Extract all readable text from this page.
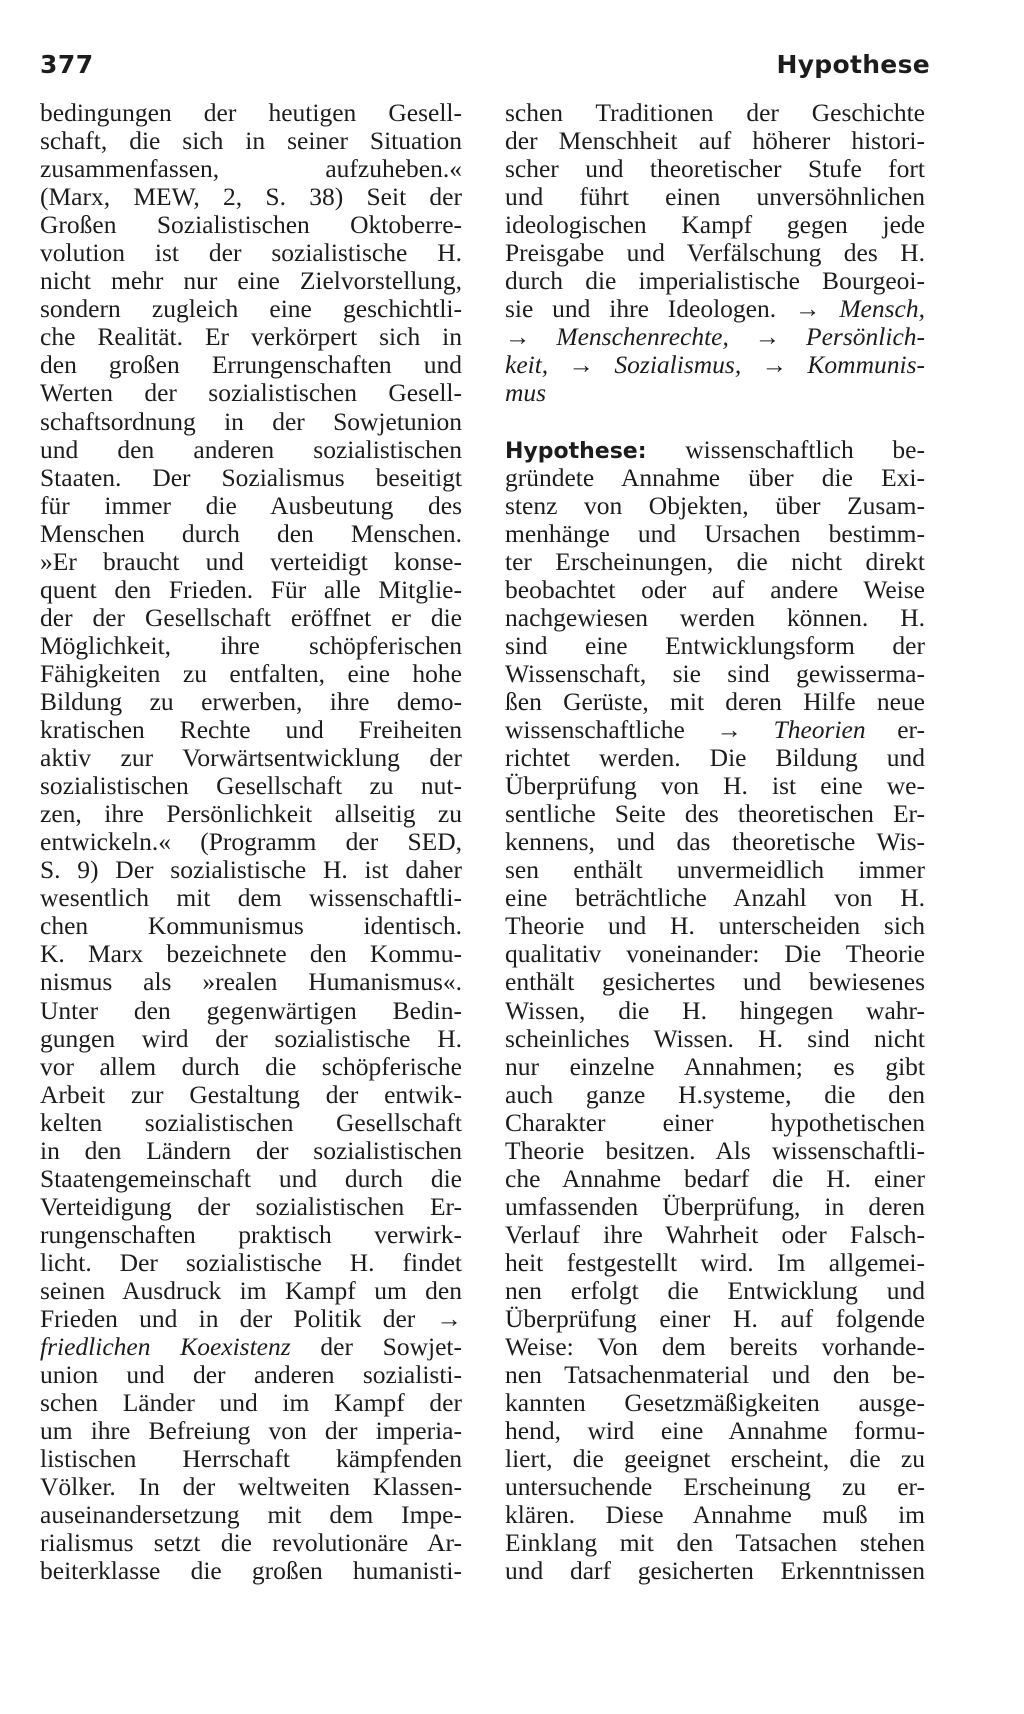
377	Hypothese
bedingungen der heutigen Gesell-
schaft, die sich in seiner Situation
zusammenfassen, aufzuheben.«
(Marx, MEW, 2, S. 38) Seit der
Großen Sozialistischen Oktoberre-
volution ist der sozialistische H.
nicht mehr nur eine Zielvorstellung,
sondern zugleich eine geschichtli-
che Realität. Er verkörpert sich in
den großen Errungenschaften und
Werten der sozialistischen Gesell-
schaftsordnung in der Sowjetunion
und den anderen sozialistischen
Staaten. Der Sozialismus beseitigt
für immer die Ausbeutung des
Menschen durch den Menschen.
»Er braucht und verteidigt konse-
quent den Frieden. Für alle Mitglie-
der der Gesellschaft eröffnet er die
Möglichkeit, ihre schöpferischen
Fähigkeiten zu entfalten, eine hohe
Bildung zu erwerben, ihre demo-
kratischen Rechte und Freiheiten
aktiv zur Vorwärtsentwicklung der
sozialistischen Gesellschaft zu nut-
zen, ihre Persönlichkeit allseitig zu
entwickeln.« (Programm der SED,
S. 9) Der sozialistische H. ist daher
wesentlich mit dem wissenschaftli-
chen Kommunismus identisch.
K. Marx bezeichnete den Kommu-
nismus als »realen Humanismus«.
Unter den gegenwärtigen Bedin-
gungen wird der sozialistische H.
vor allem durch die schöpferische
Arbeit zur Gestaltung der entwik-
kelten sozialistischen Gesellschaft
in den Ländern der sozialistischen
Staatengemeinschaft und durch die
Verteidigung der sozialistischen Er-
rungenschaften praktisch verwirk-
licht. Der sozialistische H. findet
seinen Ausdruck im Kampf um den
Frieden und in der Politik der →
friedlichen Koexistenz der Sowjet-
union und der anderen sozialisti-
schen Länder und im Kampf der
um ihre Befreiung von der imperia-
listischen Herrschaft kämpfenden
Völker. In der weltweiten Klassen-
auseinandersetzung mit dem Impe-
rialismus setzt die revolutionäre Ar-
beiterklasse die großen humanisti-
schen Traditionen der Geschichte
der Menschheit auf höherer histori-
scher und theoretischer Stufe fort
und führt einen unversöhnlichen
ideologischen Kampf gegen jede
Preisgabe und Verfälschung des H.
durch die imperialistische Bourgeoi-
sie und ihre Ideologen. → Mensch,
→ Menschenrechte, → Persönlich-
keit, → Sozialismus, → Kommunis-
mus
Hypothese: wissenschaftlich be-
gründete Annahme über die Exi-
stenz von Objekten, über Zusam-
menhänge und Ursachen bestimm-
ter Erscheinungen, die nicht direkt
beobachtet oder auf andere Weise
nachgewiesen werden können. H.
sind eine Entwicklungsform der
Wissenschaft, sie sind gewisserma-
ßen Gerüste, mit deren Hilfe neue
wissenschaftliche → Theorien er-
richtet werden. Die Bildung und
Überprüfung von H. ist eine we-
sentliche Seite des theoretischen Er-
kennens, und das theoretische Wis-
sen enthält unvermeidlich immer
eine beträchtliche Anzahl von H.
Theorie und H. unterscheiden sich
qualitativ voneinander: Die Theorie
enthält gesichertes und bewiesenes
Wissen, die H. hingegen wahr-
scheinliches Wissen. H. sind nicht
nur einzelne Annahmen; es gibt
auch ganze H.systeme, die den
Charakter einer hypothetischen
Theorie besitzen. Als wissenschaftli-
che Annahme bedarf die H. einer
umfassenden Überprüfung, in deren
Verlauf ihre Wahrheit oder Falsch-
heit festgestellt wird. Im allgemei-
nen erfolgt die Entwicklung und
Überprüfung einer H. auf folgende
Weise: Von dem bereits vorhande-
nen Tatsachenmaterial und den be-
kannten Gesetzmäßigkeiten ausge-
hend, wird eine Annahme formu-
liert, die geeignet erscheint, die zu
untersuchende Erscheinung zu er-
klären. Diese Annahme muß im
Einklang mit den Tatsachen stehen
und darf gesicherten Erkenntnissen
